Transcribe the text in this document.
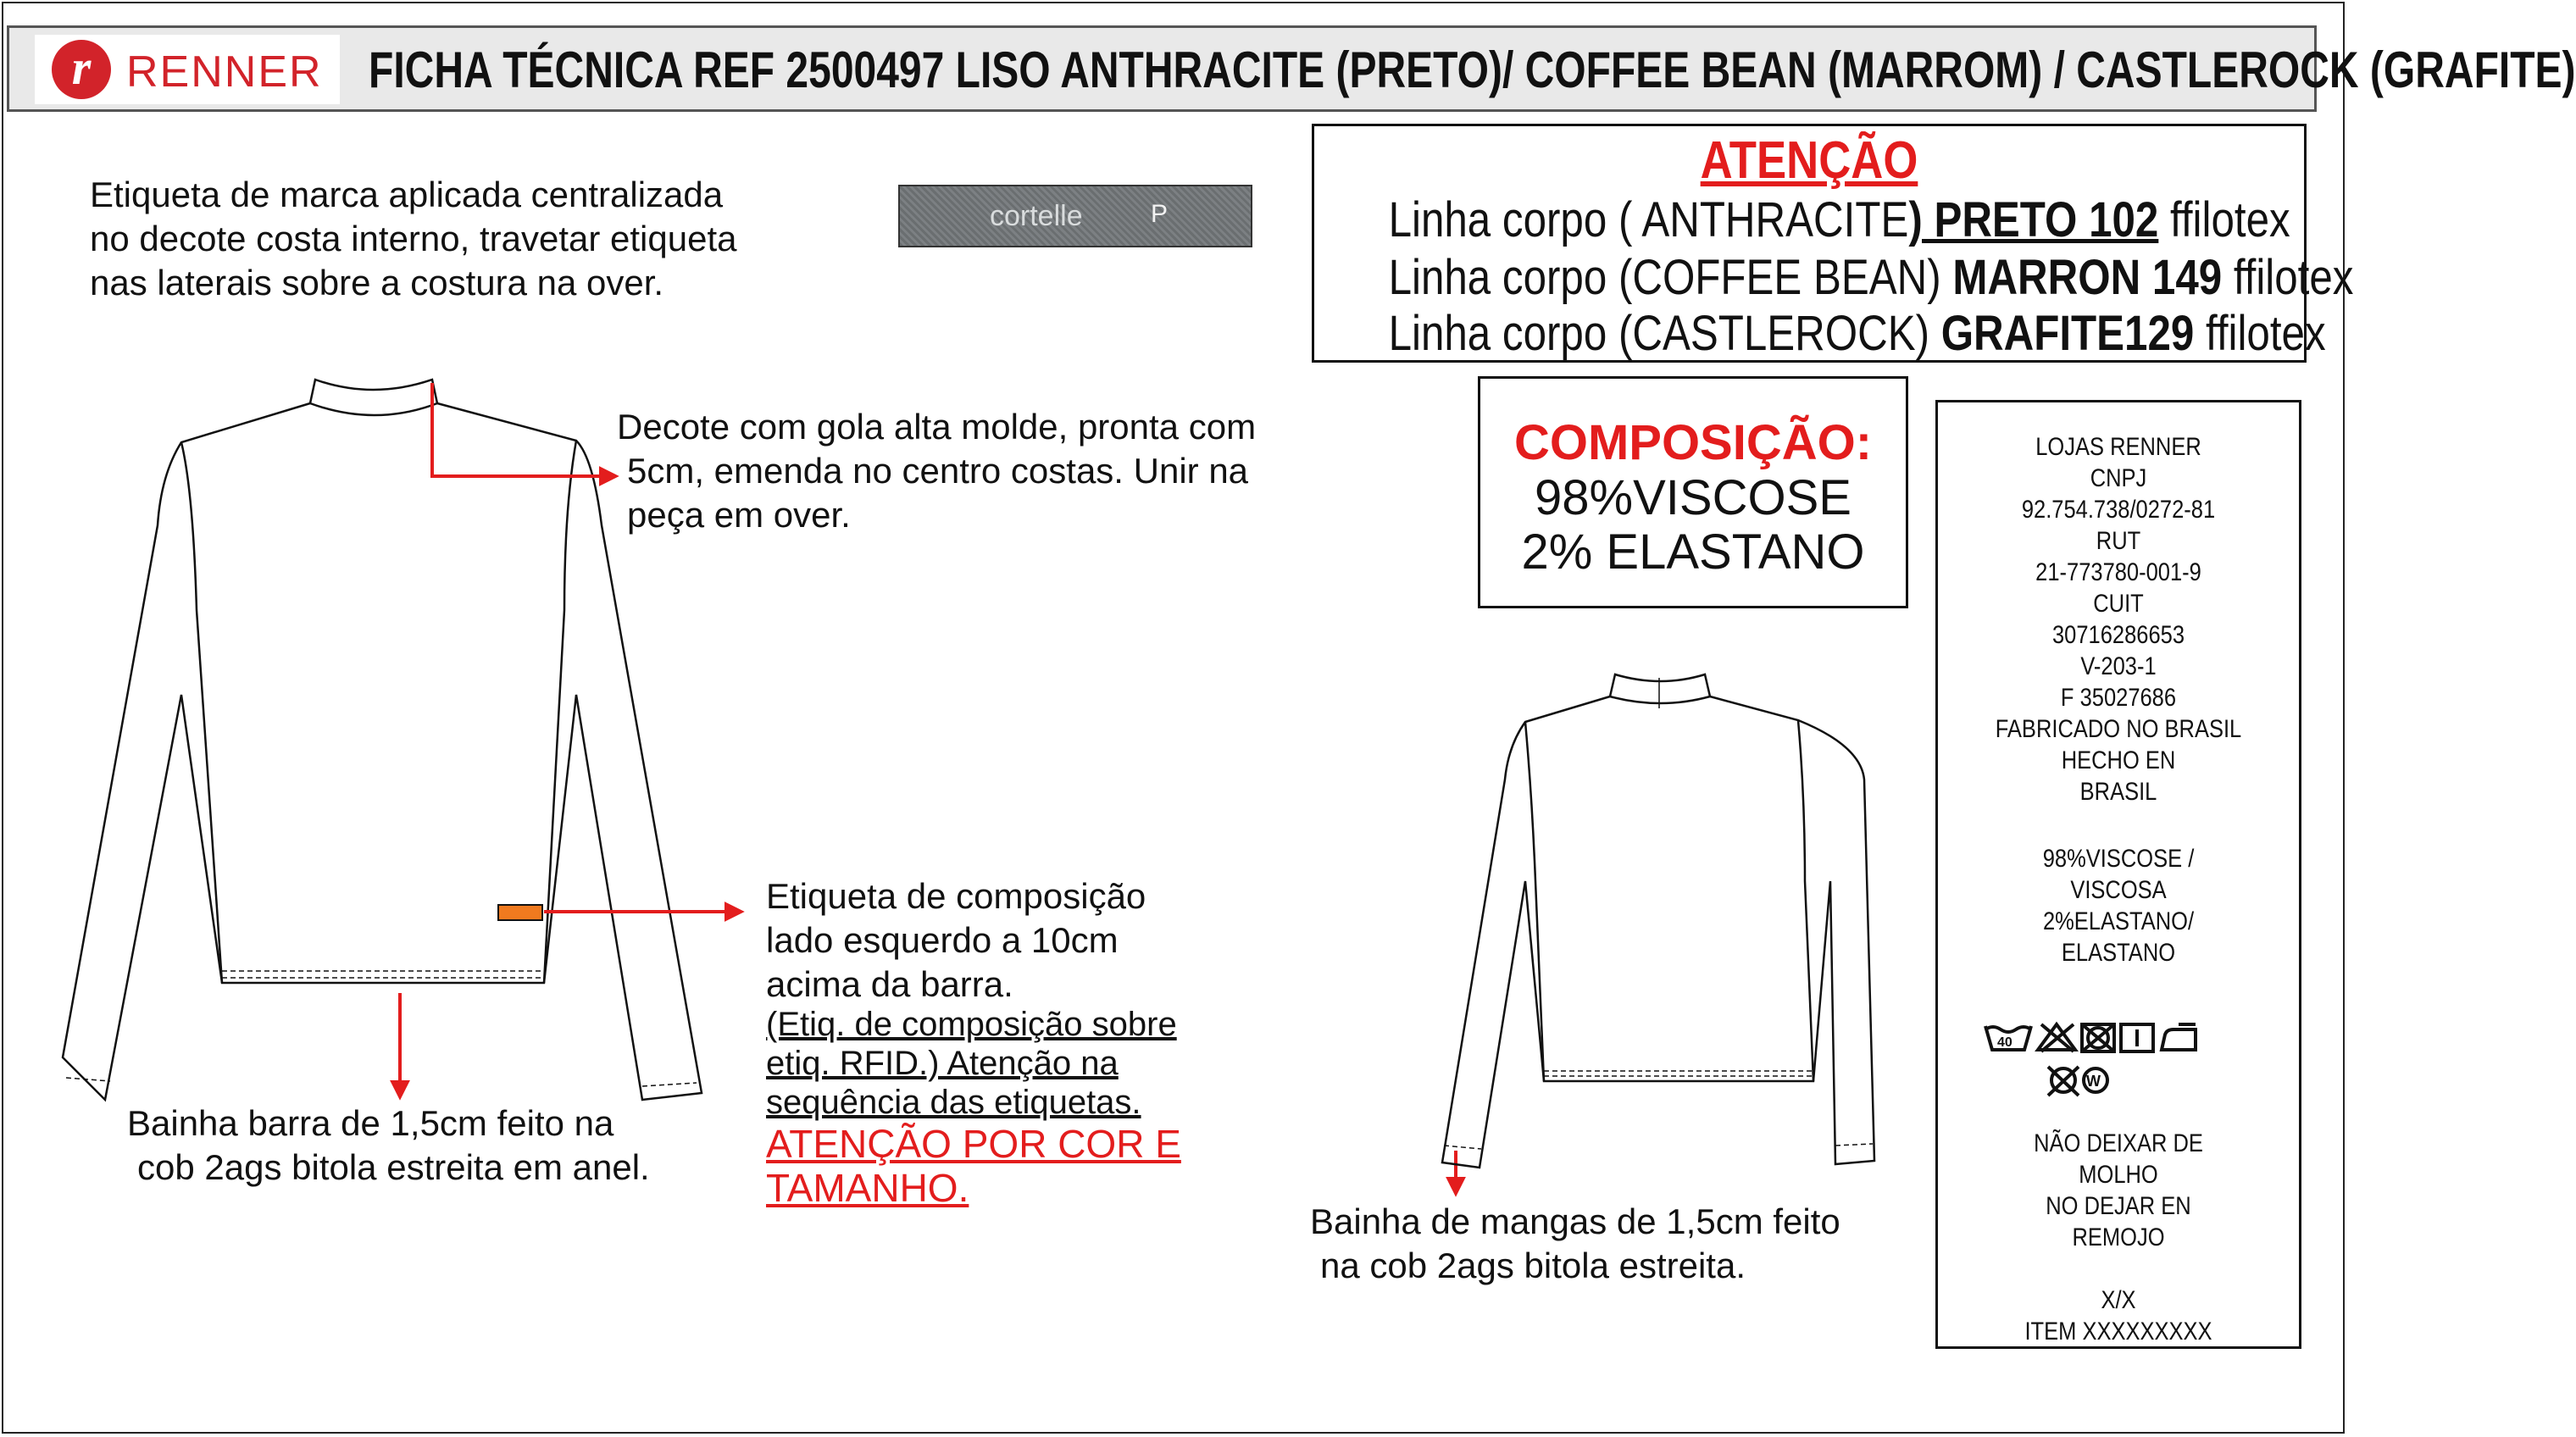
r RENNER FICHA TÉCNICA REF 2500497 LISO ANTHRACITE (PRETO)/ COFFEE BEAN (MARROM) / CASTLEROCK (GRAFITE)
Etiqueta de marca aplicada centralizada
no decote costa interno, travetar etiqueta
nas laterais sobre a costura na over.
cortelle	P
ATENÇÃO
Linha corpo ( ANTHRACITE) PRETO 102 ffilotex
Linha corpo (COFFEE BEAN) MARRON 149 ffilotex
Linha corpo (CASTLEROCK) GRAFITE129 ffilotex
COMPOSIÇÃO:
98%VISCOSE
2% ELASTANO
LOJAS RENNER
CNPJ
92.754.738/0272-81
RUT
21-773780-001-9
CUIT
30716286653
V-203-1
F 35027686
FABRICADO NO BRASIL
HECHO EN
BRASIL
98%VISCOSE /
VISCOSA
2%ELASTANO/
ELASTANO
40
W
NÃO DEIXAR DE
MOLHO
NO DEJAR EN
REMOJO
X/X
ITEM XXXXXXXXX
Decote com gola alta molde, pronta com
5cm, emenda no centro costas. Unir na
peça em over.
Etiqueta de composição
lado esquerdo a 10cm
acima da barra.
(Etiq. de composição sobre
etiq. RFID.) Atenção na
sequência das etiquetas.
ATENÇÃO POR COR E
TAMANHO.
Bainha barra de 1,5cm feito na
cob 2ags bitola estreita em anel.
Bainha de mangas de 1,5cm feito
na cob 2ags bitola estreita.
